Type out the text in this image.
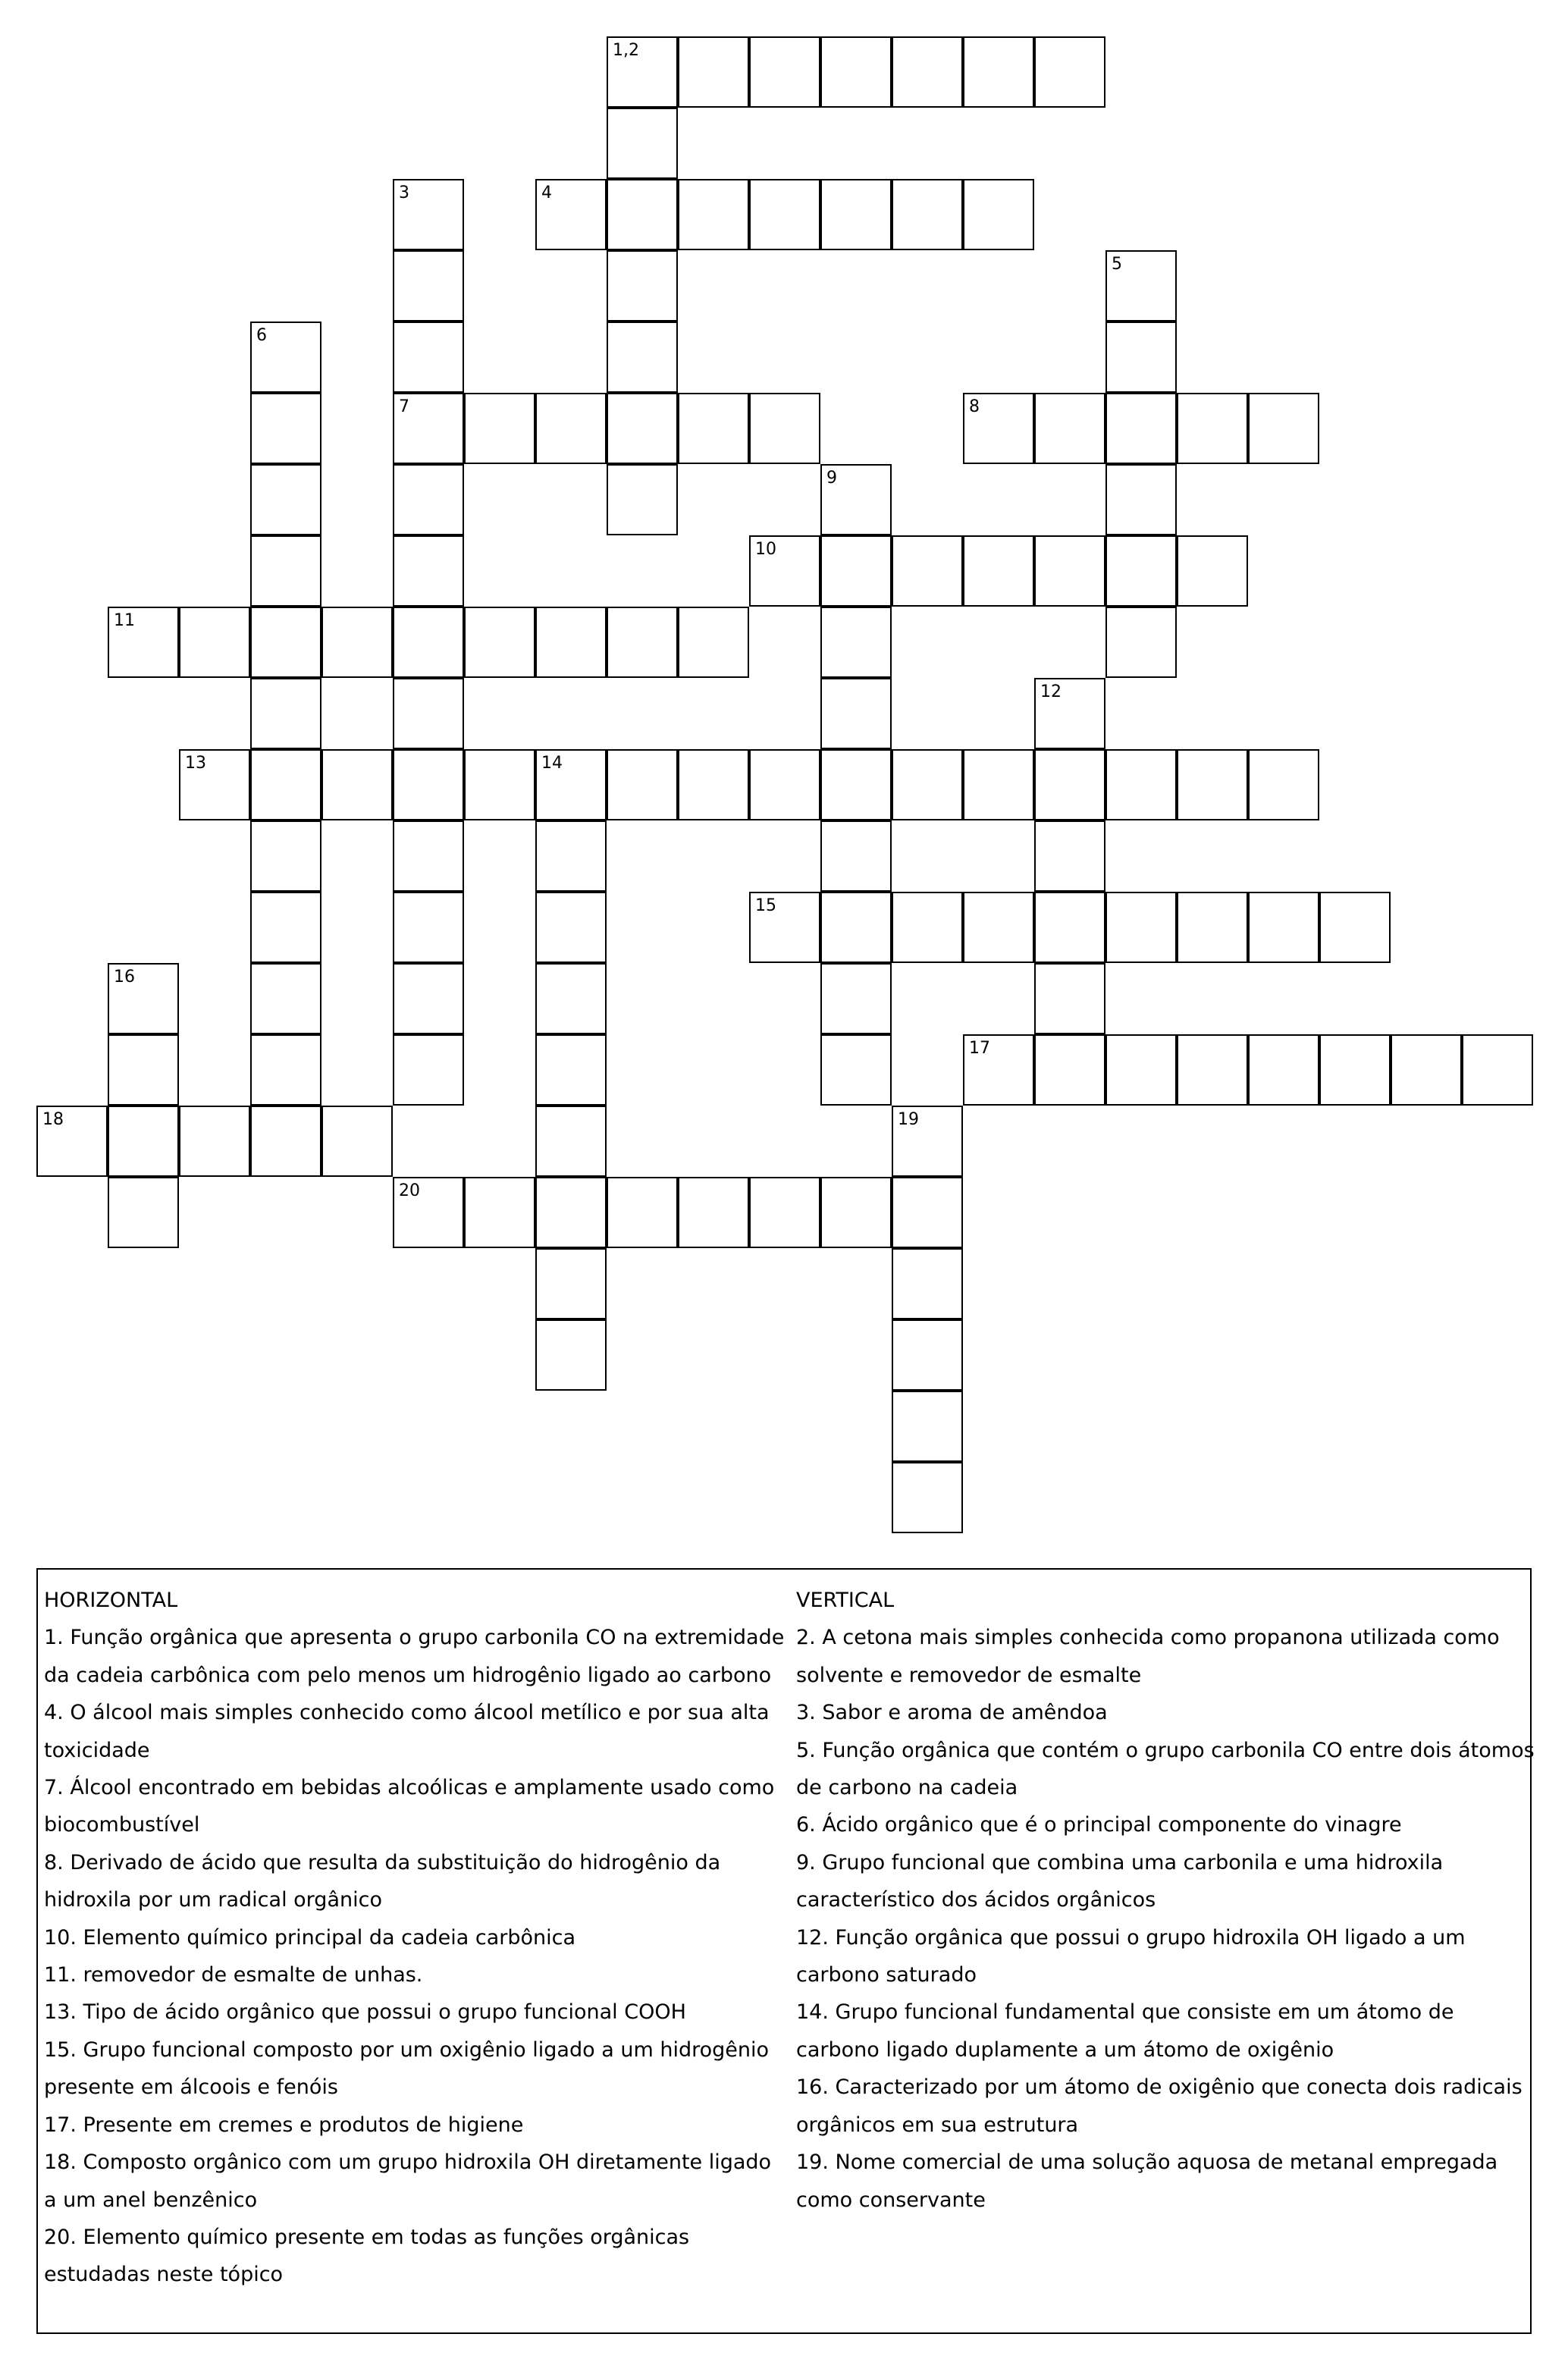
1,2
3
7
4
5
6
8
9
10
11
12
13	14
15
16
17
18	19
20
HORIZONTAL
1. Função orgânica que apresenta o grupo carbonila CO na extremidade da cadeia carbônica com pelo menos um hidrogênio ligado ao carbono
4. O álcool mais simples conhecido como álcool metílico e por sua alta toxicidade
7. Álcool encontrado em bebidas alcoólicas e amplamente usado como biocombustível
8. Derivado de ácido que resulta da substituição do hidrogênio da hidroxila por um radical orgânico
10. Elemento químico principal da cadeia carbônica
11. removedor de esmalte de unhas.
13. Tipo de ácido orgânico que possui o grupo funcional COOH
15. Grupo funcional composto por um oxigênio ligado a um hidrogênio presente em álcoois e fenóis
17. Presente em cremes e produtos de higiene
18. Composto orgânico com um grupo hidroxila OH diretamente ligado a um anel benzênico
20. Elemento químico presente em todas as funções orgânicas estudadas neste tópico
VERTICAL
2. A cetona mais simples conhecida como propanona utilizada como solvente e removedor de esmalte
3. Sabor e aroma de amêndoa
5. Função orgânica que contém o grupo carbonila CO entre dois átomos de carbono na cadeia
6. Ácido orgânico que é o principal componente do vinagre
9. Grupo funcional que combina uma carbonila e uma hidroxila característico dos ácidos orgânicos
12. Função orgânica que possui o grupo hidroxila OH ligado a um carbono saturado
14. Grupo funcional fundamental que consiste em um átomo de carbono ligado duplamente a um átomo de oxigênio
16. Caracterizado por um átomo de oxigênio que conecta dois radicais orgânicos em sua estrutura
19. Nome comercial de uma solução aquosa de metanal empregada como conservante
